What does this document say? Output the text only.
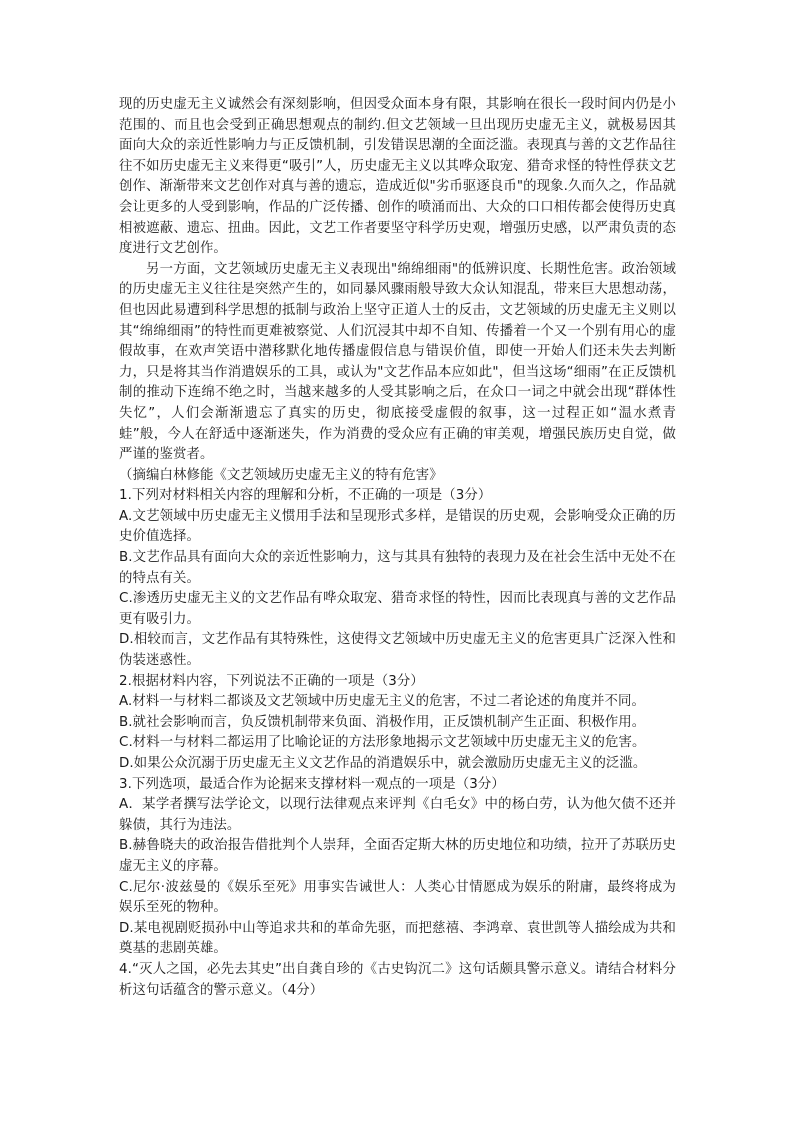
现的历史虚无主义诚然会有深刻影响，但因受众面本身有限，其影响在很长一段时间内仍是小范围的、而且也会受到正确思想观点的制约.但文艺领域一旦出现历史虚无主义，就极易因其面向大众的亲近性影响力与正反馈机制，引发错误思潮的全面泛滥。表现真与善的文艺作品往往不如历史虚无主义来得更“吸引”人，历史虚无主义以其哗众取宠、猎奇求怪的特性俘获文艺创作、渐渐带来文艺创作对真与善的遗忘，造成近似"劣币驱逐良币"的现象.久而久之，作品就会让更多的人受到影响，作品的广泛传播、创作的喷涌而出、大众的口口相传都会使得历史真相被遮蔽、遗忘、扭曲。因此，文艺工作者要坚守科学历史观，增强历史感，以严肃负责的态度进行文艺创作。

另一方面，文艺领域历史虚无主义表现出"绵绵细雨"的低辨识度、长期性危害。政治领域的历史虚无主义往往是突然产生的，如同暴风骤雨般导致大众认知混乱，带来巨大思想动荡，但也因此易遭到科学思想的抵制与政治上坚守正道人士的反击，文艺领域的历史虚无主义则以其“绵绵细雨”的特性而更难被察觉、人们沉浸其中却不自知、传播着一个又一个别有用心的虚假故事，在欢声笑语中潜移默化地传播虚假信息与错误价值，即使一开始人们还未失去判断力，只是将其当作消遣娱乐的工具，或认为"文艺作品本应如此"，但当这场“细雨”在正反馈机制的推动下连绵不绝之时，当越来越多的人受其影响之后，在众口一词之中就会出现“群体性失忆”，人们会渐渐遗忘了真实的历史，彻底接受虚假的叙事，这一过程正如“温水煮青蛙”般，今人在舒适中逐渐迷失，作为消费的受众应有正确的审美观，增强民族历史自觉，做严谨的鉴赏者。

（摘编白林修能《文艺领域历史虚无主义的特有危害》

1.下列对材料相关内容的理解和分析，不正确的一项是（3分）

A.文艺领域中历史虚无主义惯用手法和呈现形式多样，是错误的历史观，会影响受众正确的历史价值选择。

B.文艺作品具有面向大众的亲近性影响力，这与其具有独特的表现力及在社会生活中无处不在的特点有关。

C.渗透历史虚无主义的文艺作品有哗众取宠、猎奇求怪的特性，因而比表现真与善的文艺作品更有吸引力。

D.相较而言，文艺作品有其特殊性，这使得文艺领域中历史虚无主义的危害更具广泛深入性和伪装迷惑性。

2.根据材料内容，下列说法不正确的一项是（3分）

A.材料一与材料二都谈及文艺领域中历史虚无主义的危害，不过二者论述的角度并不同。

B.就社会影响而言，负反馈机制带来负面、消极作用，正反馈机制产生正面、积极作用。

C.材料一与材料二都运用了比喻论证的方法形象地揭示文艺领域中历史虚无主义的危害。

D.如果公众沉溺于历史虚无主义文艺作品的消遣娱乐中，就会激励历史虚无主义的泛滥。

3.下列选项，最适合作为论据来支撑材料一观点的一项是（3分）

A．某学者撰写法学论文，以现行法律观点来评判《白毛女》中的杨白劳，认为他欠债不还并躲债，其行为违法。

B.赫鲁晓夫的政治报告借批判个人崇拜，全面否定斯大林的历史地位和功绩，拉开了苏联历史虚无主义的序幕。

C.尼尔·波兹曼的《娱乐至死》用事实告诫世人：人类心甘情愿成为娱乐的附庸，最终将成为娱乐至死的物种。

D.某电视剧贬损孙中山等追求共和的革命先驱，而把慈禧、李鸿章、袁世凯等人描绘成为共和奠基的悲剧英雄。

4.“灭人之国，必先去其史”出自龚自珍的《古史钩沉二》这句话颇具警示意义。请结合材料分析这句话蕴含的警示意义。（4分）
